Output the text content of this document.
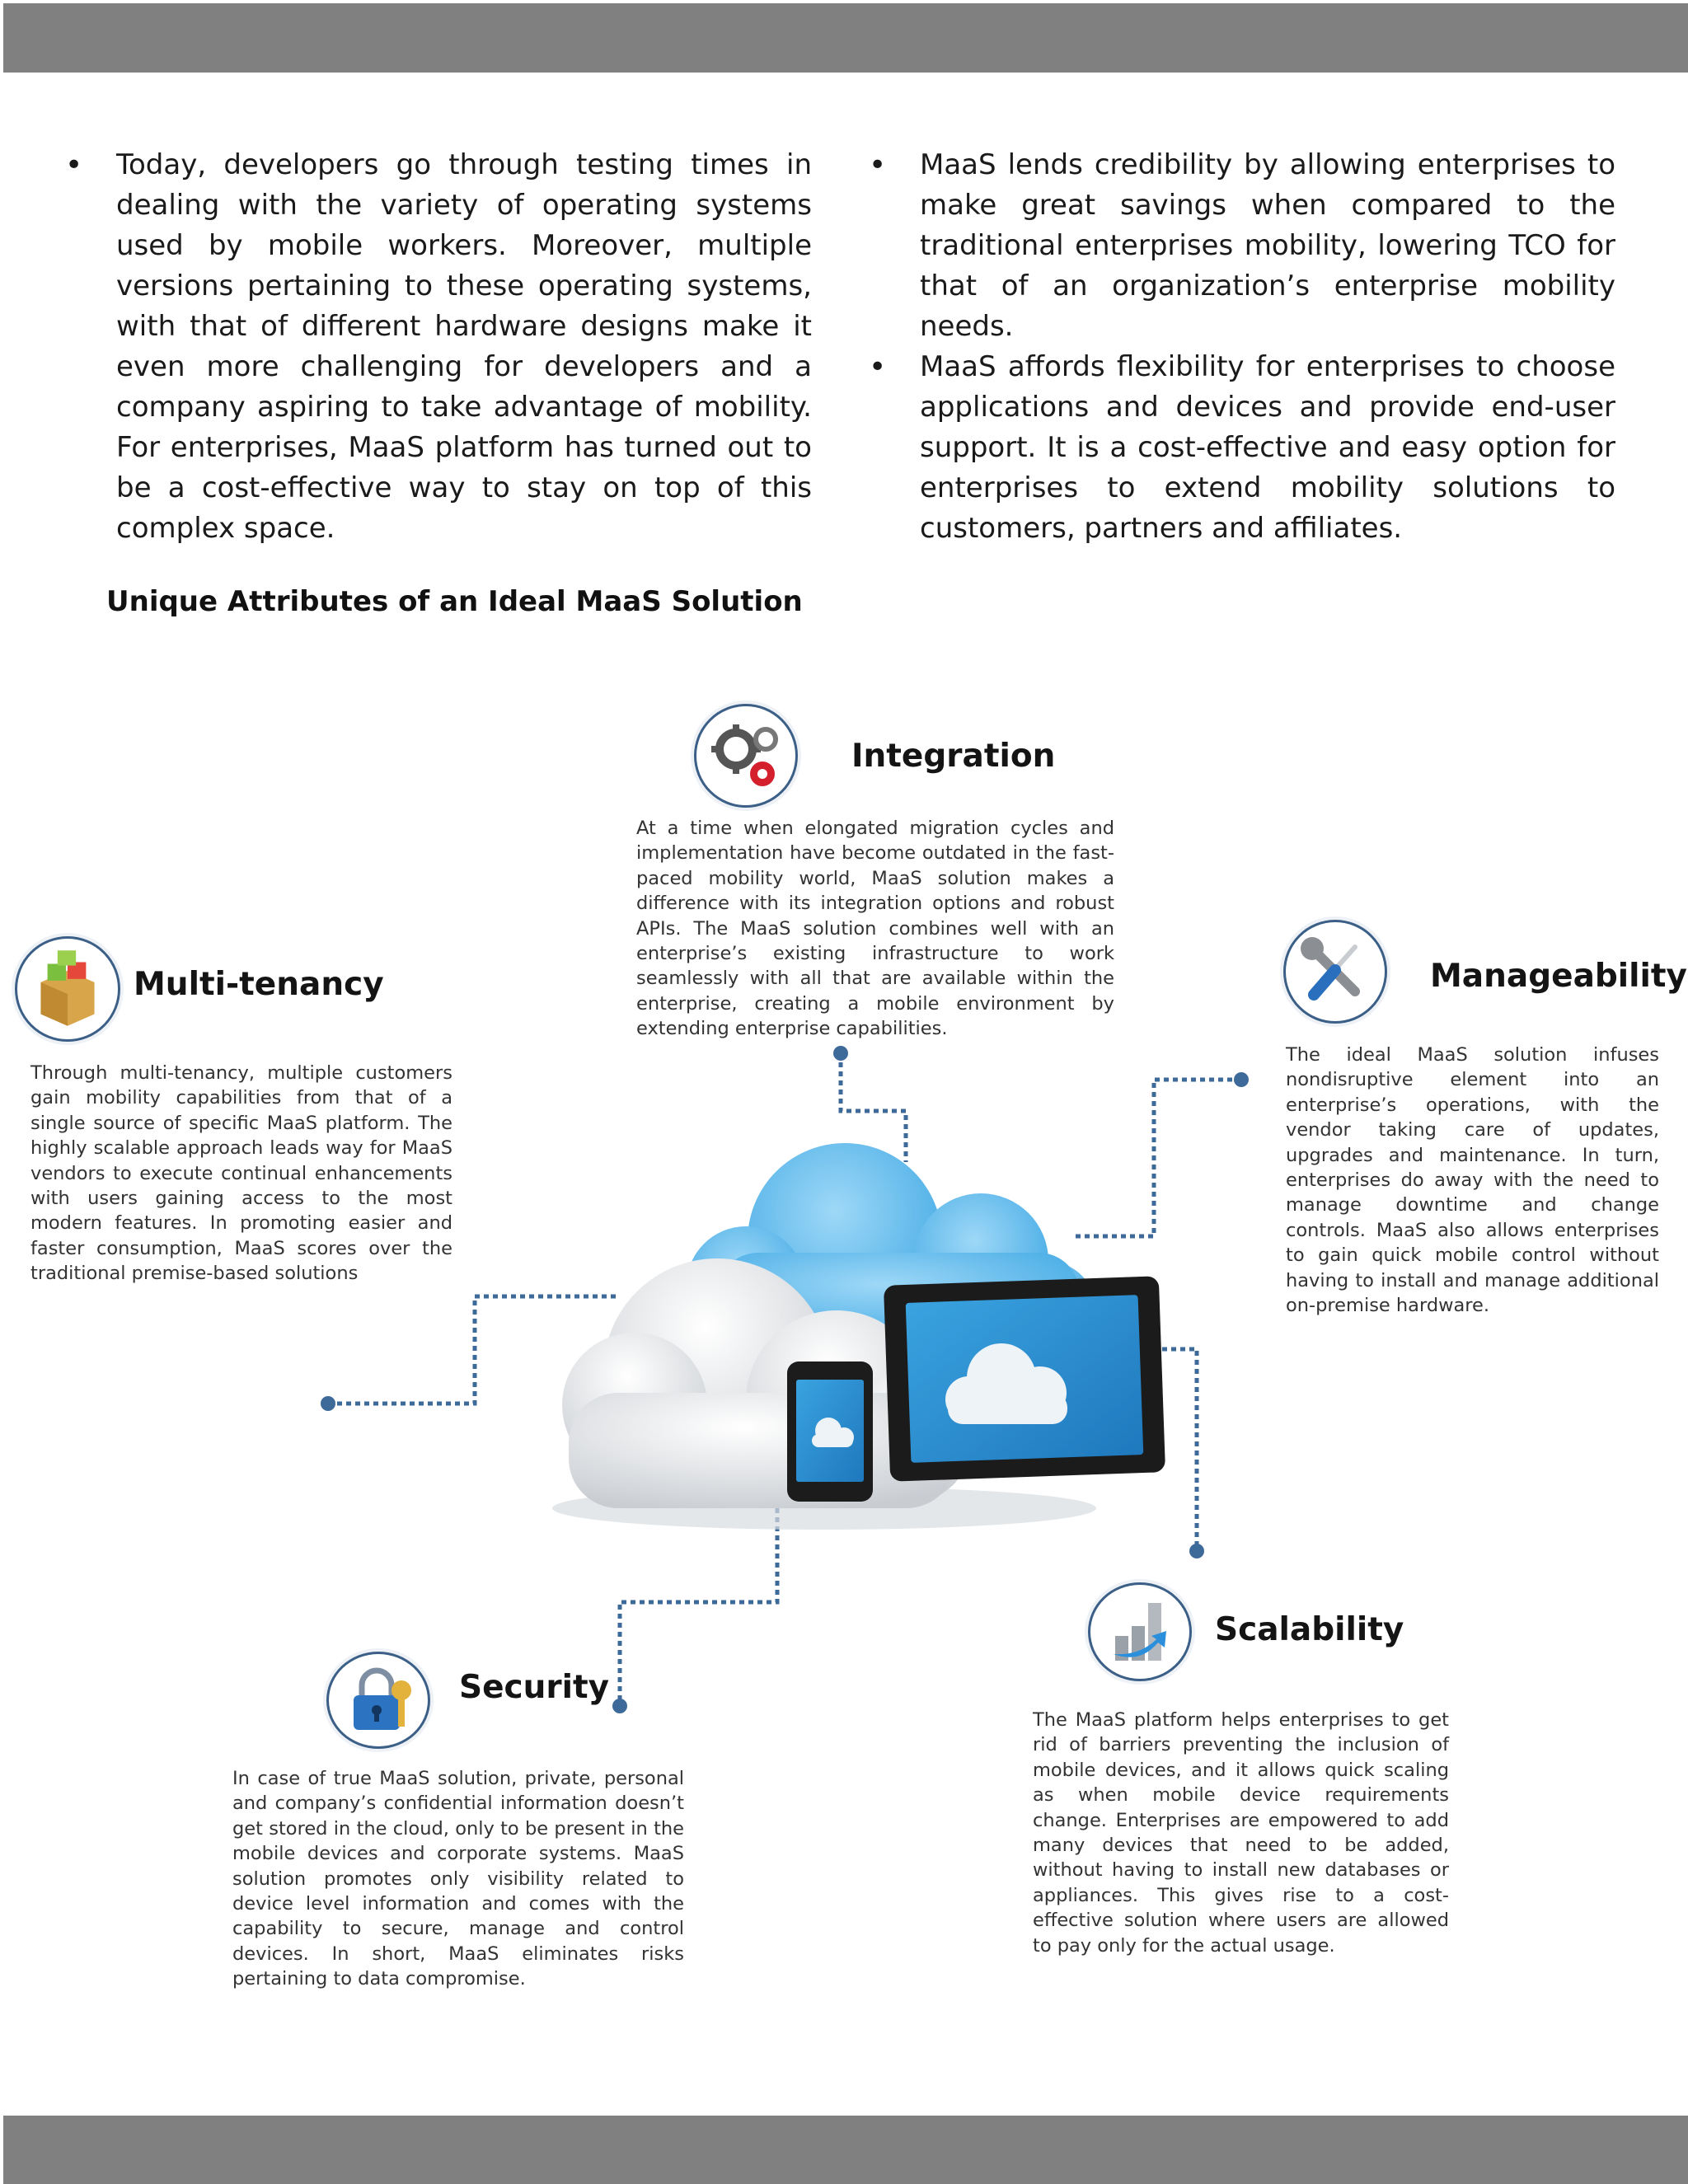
• Today, developers go through testing times in dealing with the variety of operating systems used by mobile workers. Moreover, multiple versions pertaining to these operating systems, with that of different hardware designs make it even more challenging for developers and a company aspiring to take advantage of mobility. For enterprises, MaaS platform has turned out to be a cost-effective way to stay on top of this complex space.
• MaaS lends credibility by allowing enterprises to make great savings when compared to the traditional enterprises mobility, lowering TCO for that of an organization’s enterprise mobility needs.
• MaaS affords flexibility for enterprises to choose applications and devices and provide end-user support. It is a cost-effective and easy option for enterprises to extend mobility solutions to customers, partners and affiliates.
Unique Attributes of an Ideal MaaS Solution
Integration

At a time when elongated migration cycles and implementation have become outdated in the fast-paced mobility world, MaaS solution makes a difference with its integration options and robust APIs. The MaaS solution combines well with an enterprise’s existing infrastructure to work seamlessly with all that are available within the enterprise, creating a mobile environment by extending enterprise capabilities.

Multi-tenancy

Through multi-tenancy, multiple customers gain mobility capabilities from that of a single source of specific MaaS platform. The highly scalable approach leads way for MaaS vendors to execute continual enhancements with users gaining access to the most modern features. In promoting easier and faster consumption, MaaS scores over the traditional premise-based solutions

Manageability

The ideal MaaS solution infuses nondisruptive element into an enterprise’s operations, with the vendor taking care of updates, upgrades and maintenance. In turn, enterprises do away with the need to manage downtime and change controls. MaaS also allows enterprises to gain quick mobile control without having to install and manage additional on-premise hardware.

Security

In case of true MaaS solution, private, personal and company’s confidential information doesn’t get stored in the cloud, only to be present in the mobile devices and corporate systems. MaaS solution promotes only visibility related to device level information and comes with the capability to secure, manage and control devices. In short, MaaS eliminates risks pertaining to data compromise.

Scalability

The MaaS platform helps enterprises to get rid of barriers preventing the inclusion of mobile devices, and it allows quick scaling as when mobile device requirements change. Enterprises are empowered to add many devices that need to be added, without having to install new databases or appliances. This gives rise to a cost-effective solution where users are allowed to pay only for the actual usage.
